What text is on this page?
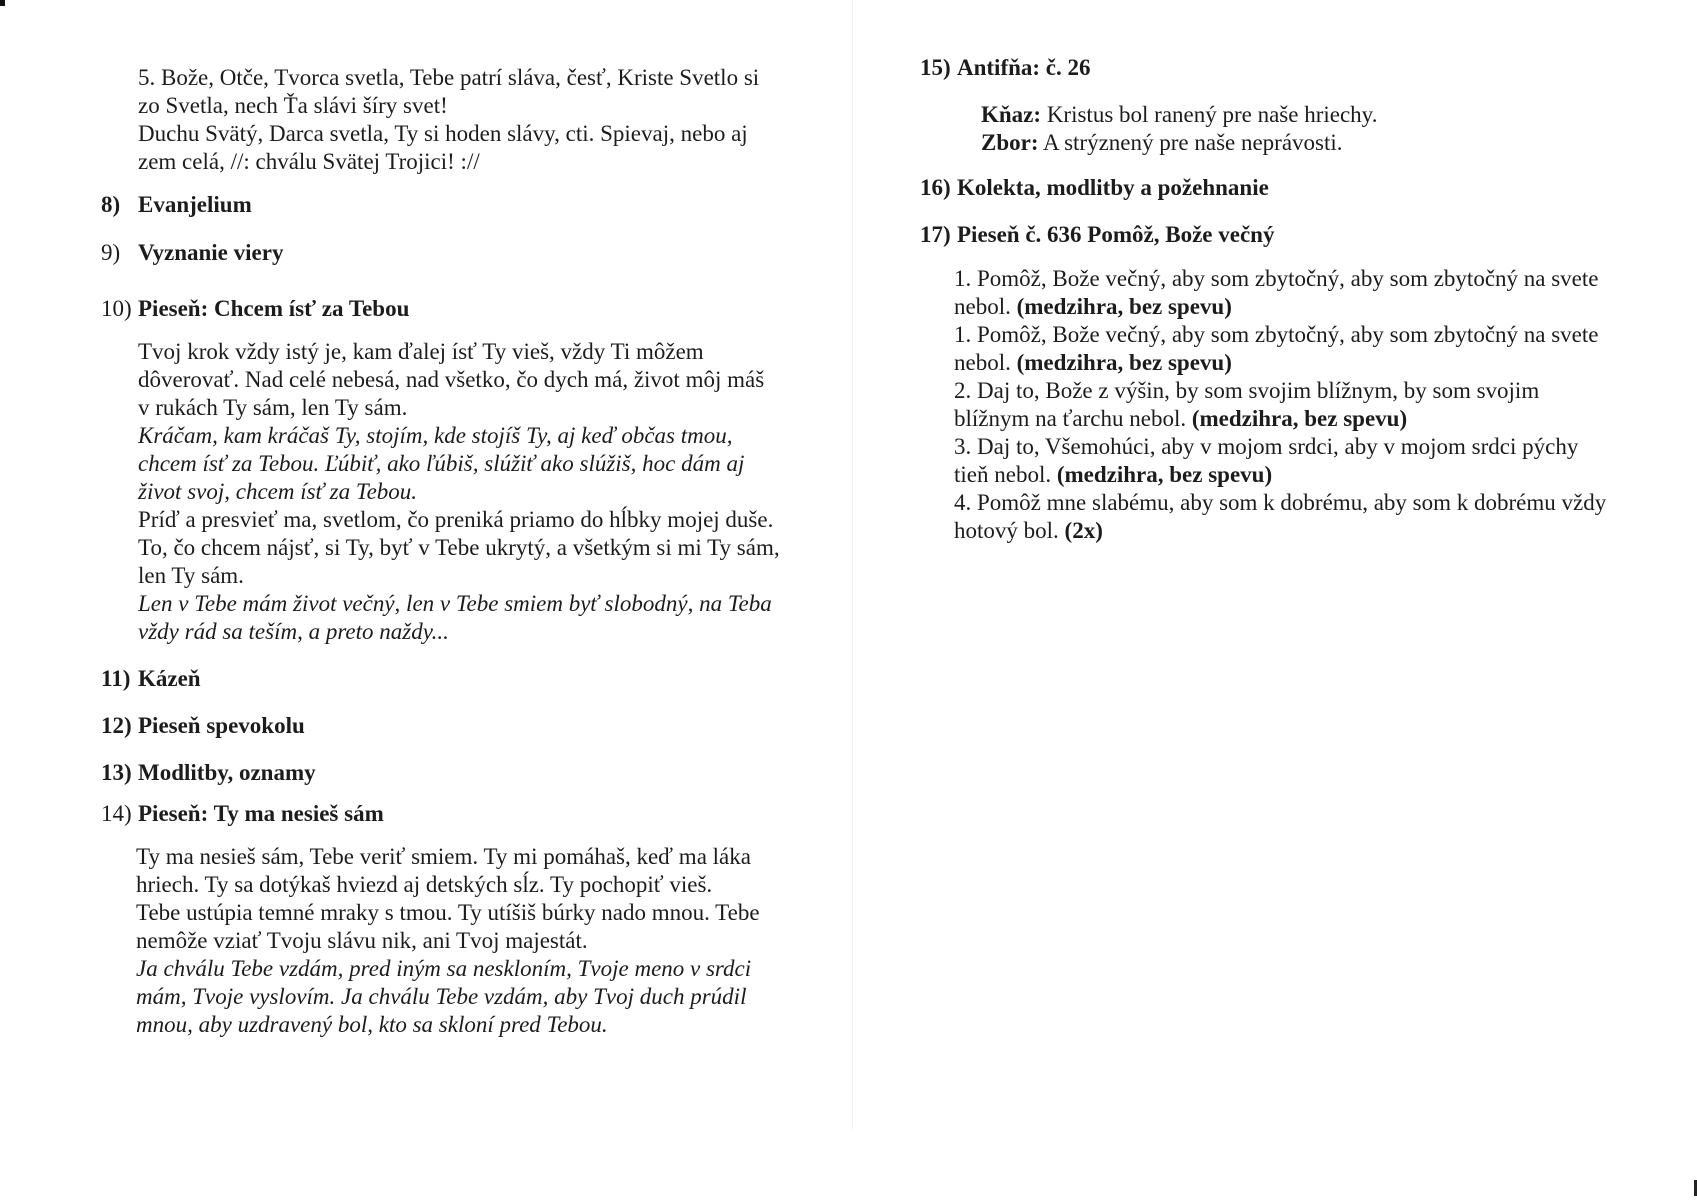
5. Bože, Otče, Tvorca svetla, Tebe patrí sláva, česť, Kriste Svetlo si

zo Svetla, nech Ťa slávi šíry svet!

Duchu Svätý, Darca svetla, Ty si hoden slávy, cti. Spievaj, nebo aj

zem celá, //: chválu Svätej Trojici! ://

8) Evanjelium
9) Vyznanie viery
10) Pieseň: Chcem ísť za Tebou

Tvoj krok vždy istý je, kam ďalej ísť Ty vieš, vždy Ti môžem

dôverovať. Nad celé nebesá, nad všetko, čo dych má, život môj máš

v rukách Ty sám, len Ty sám.

Kráčam, kam kráčaš Ty, stojím, kde stojíš Ty, aj keď občas tmou,

chcem ísť za Tebou. Ľúbiť, ako ľúbiš, slúžiť ako slúžiš, hoc dám aj

život svoj, chcem ísť za Tebou.

Príď a presvieť ma, svetlom, čo preniká priamo do hĺbky mojej duše.

To, čo chcem nájsť, si Ty, byť v Tebe ukrytý, a všetkým si mi Ty sám,

len Ty sám.

Len v Tebe mám život večný, len v Tebe smiem byť slobodný, na Teba

vždy rád sa teším, a preto naždy...

11) Kázeň
12) Pieseň spevokolu
13) Modlitby, oznamy
14) Pieseň: Ty ma nesieš sám

Ty ma nesieš sám, Tebe veriť smiem. Ty mi pomáhaš, keď ma láka

hriech. Ty sa dotýkaš hviezd aj detských sĺz. Ty pochopiť vieš.

Tebe ustúpia temné mraky s tmou. Ty utíšiš búrky nado mnou. Tebe

nemôže vziať Tvoju slávu nik, ani Tvoj majestát.

Ja chválu Tebe vzdám, pred iným sa neskloním, Tvoje meno v srdci

mám, Tvoje vyslovím. Ja chválu Tebe vzdám, aby Tvoj duch prúdil

mnou, aby uzdravený bol, kto sa skloní pred Tebou.

15) Antifňa: č. 26

Kňaz: Kristus bol ranený pre naše hriechy.

Zbor: A strýznený pre naše neprávosti.

16) Kolekta, modlitby a požehnanie
17) Pieseň č. 636 Pomôž, Bože večný

1. Pomôž, Bože večný, aby som zbytočný, aby som zbytočný na svete

nebol. (medzihra, bez spevu)

1. Pomôž, Bože večný, aby som zbytočný, aby som zbytočný na svete

nebol. (medzihra, bez spevu)

2. Daj to, Bože z výšin, by som svojim blížnym, by som svojim

blížnym na ťarchu nebol. (medzihra, bez spevu)

3. Daj to, Všemohúci, aby v mojom srdci, aby v mojom srdci pýchy

tieň nebol. (medzihra, bez spevu)

4. Pomôž mne slabému, aby som k dobrému, aby som k dobrému vždy

hotový bol. (2x)
